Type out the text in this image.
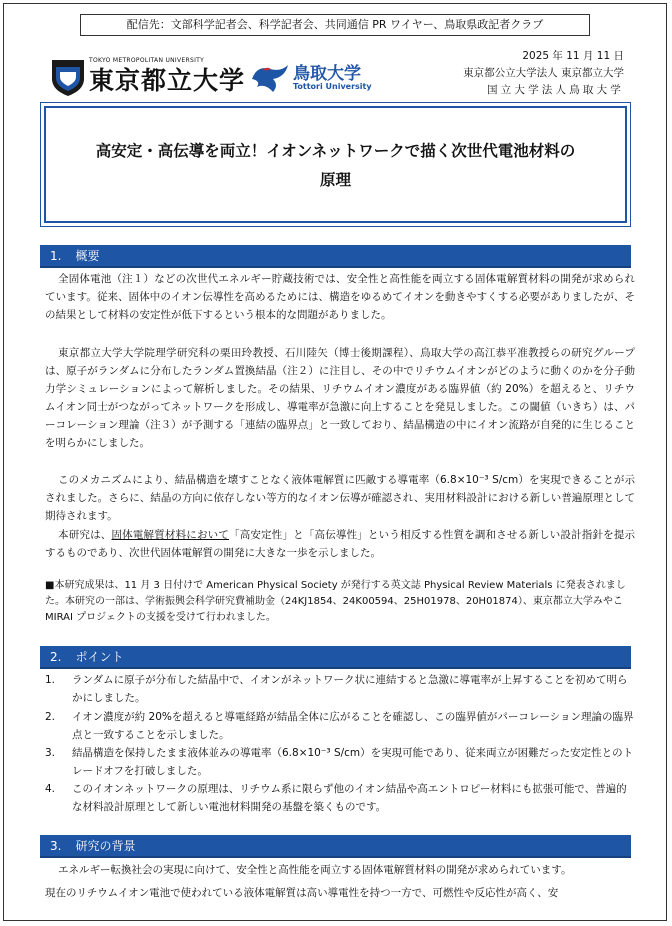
配信先：文部科学記者会、科学記者会、共同通信 PR ワイヤー、鳥取県政記者クラブ
TOKYO METROPOLITAN UNIVERSITY
東京都立大学	鳥取大学
Tottori University
2025 年 11 月 11 日
東京都公立大学法人 東京都立大学
国立大学法人鳥取大学
高安定・高伝導を両立！イオンネットワークで描く次世代電池材料の
原理
1. 概要

全固体電池（注１）などの次世代エネルギー貯蔵技術では、安全性と高性能を両立する固体電解質材料の開発が求められています。従来、固体中のイオン伝導性を高めるためには、構造をゆるめてイオンを動きやすくする必要がありましたが、その結果として材料の安定性が低下するという根本的な問題がありました。

東京都立大学大学院理学研究科の栗田玲教授、石川陸矢（博士後期課程）、鳥取大学の高江恭平准教授らの研究グループは、原子がランダムに分布したランダム置換結晶（注２）に注目し、その中でリチウムイオンがどのように動くのかを分子動力学シミュレーションによって解析しました。その結果、リチウムイオン濃度がある臨界値（約 20%）を超えると、リチウムイオン同士がつながってネットワークを形成し、導電率が急激に向上することを発見しました。この閾値（いきち）は、パーコレーション理論（注３）が予測する「連結の臨界点」と一致しており、結晶構造の中にイオン流路が自発的に生じることを明らかにしました。

このメカニズムにより、結晶構造を壊すことなく液体電解質に匹敵する導電率（6.8×10⁻³ S/cm）を実現できることが示されました。さらに、結晶の方向に依存しない等方的なイオン伝導が確認され、実用材料設計における新しい普遍原理として期待されます。

本研究は、固体電解質材料において「高安定性」と「高伝導性」という相反する性質を調和させる新しい設計指針を提示するものであり、次世代固体電解質の開発に大きな一歩を示しました。

■本研究成果は、11 月 3 日付けで American Physical Society が発行する英文誌 Physical Review Materials に発表されました。本研究の一部は、学術振興会科学研究費補助金（24KJ1854、24K00594、25H01978、20H01874）、東京都立大学みやこ MIRAI プロジェクトの支援を受けて行われました。

2. ポイント
1. ランダムに原子が分布した結晶中で、イオンがネットワーク状に連結すると急激に導電率が上昇することを初めて明らかにしました。
2. イオン濃度が約 20%を超えると導電経路が結晶全体に広がることを確認し、この臨界値がパーコレーション理論の臨界点と一致することを示しました。
3. 結晶構造を保持したまま液体並みの導電率（6.8×10⁻³ S/cm）を実現可能であり、従来両立が困難だった安定性とのトレードオフを打破しました。
4. このイオンネットワークの原理は、リチウム系に限らず他のイオン結晶や高エントロピー材料にも拡張可能で、普遍的な材料設計原理として新しい電池材料開発の基盤を築くものです。
3. 研究の背景

エネルギー転換社会の実現に向けて、安全性と高性能を両立する固体電解質材料の開発が求められています。

現在のリチウムイオン電池で使われている液体電解質は高い導電性を持つ一方で、可燃性や反応性が高く、安
